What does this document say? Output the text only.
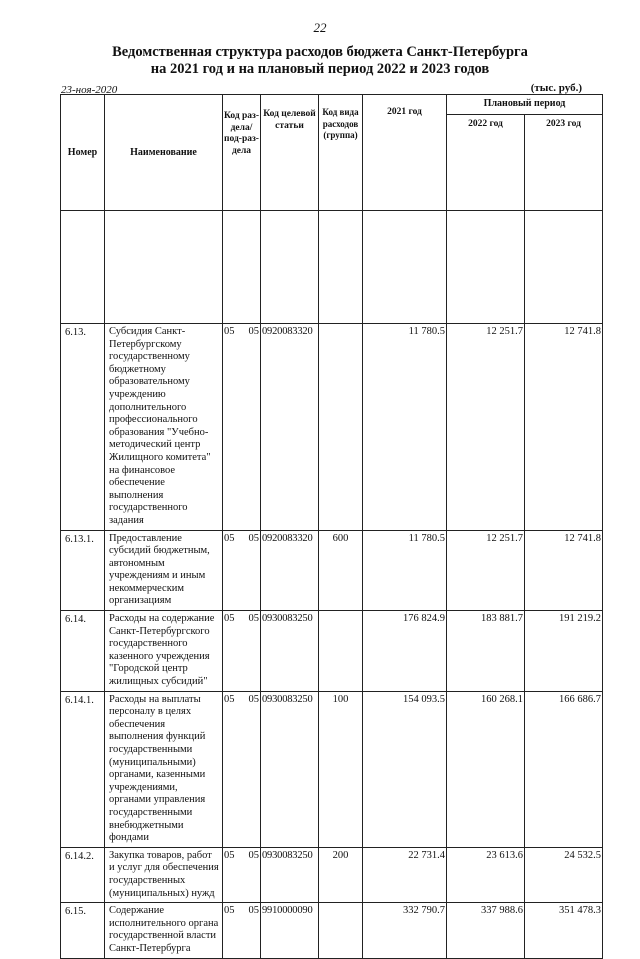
22
Ведомственная структура расходов бюджета Санкт-Петербурга
на 2021 год и на плановый период 2022 и 2023 годов
23-ноя-2020	(тыс. руб.)
Номер	Наименование	Код раз-дела/ под-раз-дела	Код целевой статьи	Код вида расходов (группа)	2021 год	Плановый период	
						2022 год	2023 год

6.13.	Субсидия Санкт-Петербургскому государственному бюджетному образовательному учреждению дополнительного профессионального образования "Учебно-методический центр Жилищного комитета" на финансовое обеспечение выполнения государственного задания	05 05	0920083320		11 780.5	12 251.7	12 741.8
6.13.1.	Предоставление субсидий бюджетным, автономным учреждениям и иным некоммерческим организациям	05 05	0920083320	600	11 780.5	12 251.7	12 741.8
6.14.	Расходы на содержание Санкт-Петербургского государственного казенного учреждения "Городской центр жилищных субсидий"	05 05	0930083250		176 824.9	183 881.7	191 219.2
6.14.1.	Расходы на выплаты персоналу в целях обеспечения выполнения функций государственными (муниципальными) органами, казенными учреждениями, органами управления государственными внебюджетными фондами	05 05	0930083250	100	154 093.5	160 268.1	166 686.7
6.14.2.	Закупка товаров, работ и услуг для обеспечения государственных (муниципальных) нужд	05 05	0930083250	200	22 731.4	23 613.6	24 532.5
6.15.	Содержание исполнительного органа государственной власти Санкт-Петербурга	05 05	9910000090		332 790.7	337 988.6	351 478.3
